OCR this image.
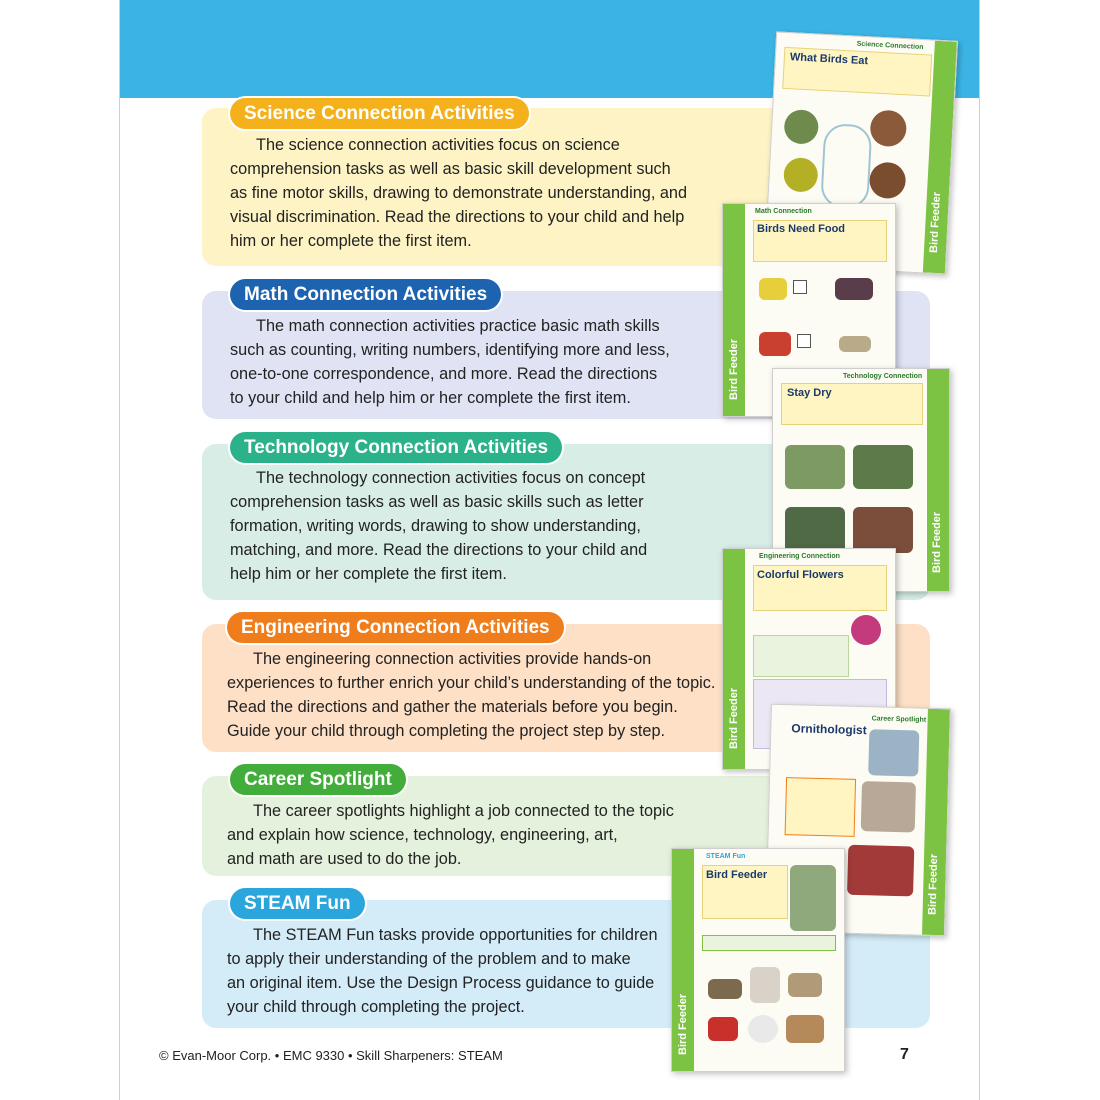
Science Connection Activities
The science connection activities focus on science
comprehension tasks as well as basic skill development such
as fine motor skills, drawing to demonstrate understanding, and
visual discrimination. Read the directions to your child and help
him or her complete the first item.
Math Connection Activities
The math connection activities practice basic math skills
such as counting, writing numbers, identifying more and less,
one-to-one correspondence, and more. Read the directions
to your child and help him or her complete the first item.
Technology Connection Activities
The technology connection activities focus on concept
comprehension tasks as well as basic skills such as letter
formation, writing words, drawing to show understanding,
matching, and more. Read the directions to your child and
help him or her complete the first item.
Engineering Connection Activities
The engineering connection activities provide hands-on
experiences to further enrich your child’s understanding of the topic.
Read the directions and gather the materials before you begin.
Guide your child through completing the project step by step.
Career Spotlight
The career spotlights highlight a job connected to the topic
and explain how science, technology, engineering, art,
and math are used to do the job.
STEAM Fun
The STEAM Fun tasks provide opportunities for children
to apply their understanding of the problem and to make
an original item. Use the Design Process guidance to guide
your child through completing the project.
Bird Feeder
Science Connection
What Birds Eat
Bird Feeder
Math Connection
Birds Need Food
Bird Feeder
Technology Connection
Stay Dry
Bird Feeder
Engineering Connection
Colorful Flowers
Bird Feeder
Career Spotlight
Ornithologist
Bird Feeder
STEAM Fun
Bird Feeder
© Evan-Moor Corp. • EMC 9330 • Skill Sharpeners: STEAM	7
